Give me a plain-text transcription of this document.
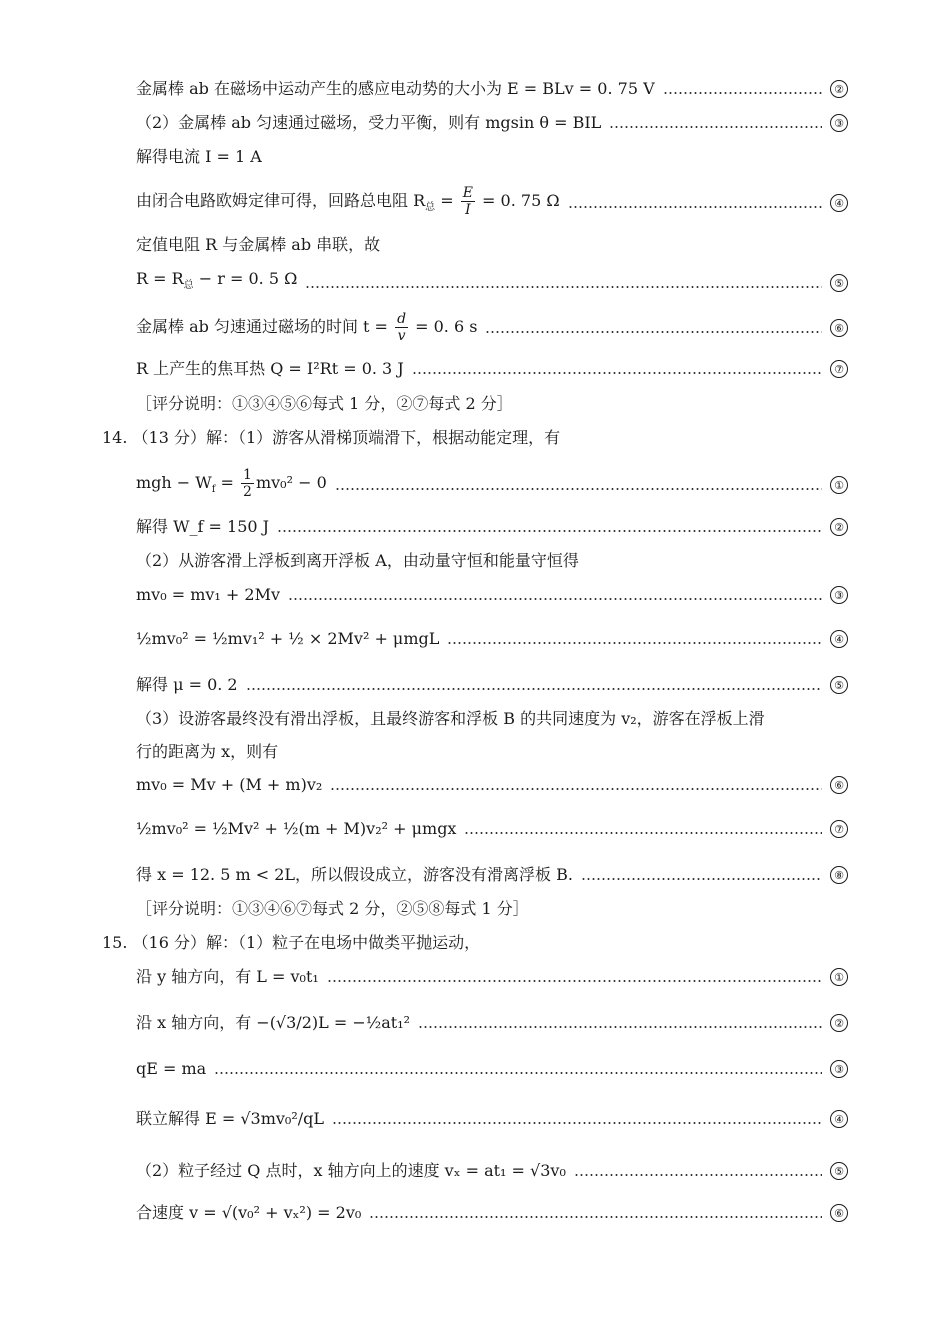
金属棒 ab 在磁场中运动产生的感应电动势的大小为 E = BLv = 0. 75 V	②
（2）金属棒 ab 匀速通过磁场，受力平衡，则有 mgsin θ = BIL	③
解得电流 I = 1 A
由闭合电路欧姆定律可得，回路总电阻 $R_总 = \frac{E}{I} = 0$. 75 Ω	④
定值电阻 R 与金属棒 ab 串联，故
$R = R_总 - r = 0$. 5 Ω	⑤
金属棒 ab 匀速通过磁场的时间 $t = \frac{d}{v} = 0$. 6 s	⑥
R 上产生的焦耳热 Q = I²Rt = 0. 3 J	⑦
［评分说明：①③④⑤⑥每式 1 分，②⑦每式 2 分］
14. （13 分）解：（1）游客从滑梯顶端滑下，根据动能定理，有
mgh − $W_f = \frac{1}{2} mv_0^2 - 0$	①
解得 W_f = 150 J	②
（2）从游客滑上浮板到离开浮板 A，由动量守恒和能量守恒得
mv₀ = mv₁ + 2Mv	③
½mv₀² = ½mv₁² + ½ × 2Mv² + μmgL	④
解得 μ = 0. 2	⑤
（3）设游客最终没有滑出浮板，且最终游客和浮板 B 的共同速度为 v₂，游客在浮板上滑
行的距离为 x，则有
mv₀ = Mv + (M + m)v₂	⑥
½mv₀² = ½Mv² + ½(m + M)v₂² + μmgx	⑦
得 x = 12. 5 m < 2L，所以假设成立，游客没有滑离浮板 B.	⑧
［评分说明：①③④⑥⑦每式 2 分，②⑤⑧每式 1 分］
15. （16 分）解：（1）粒子在电场中做类平抛运动，
沿 y 轴方向，有 L = v₀t₁	①
沿 x 轴方向，有 −(√3/2)L = −½at₁²	②
qE = ma	③
联立解得 E = √3mv₀²/qL	④
（2）粒子经过 Q 点时，x 轴方向上的速度 vₓ = at₁ = √3v₀	⑤
合速度 v = √(v₀² + vₓ²) = 2v₀	⑥
